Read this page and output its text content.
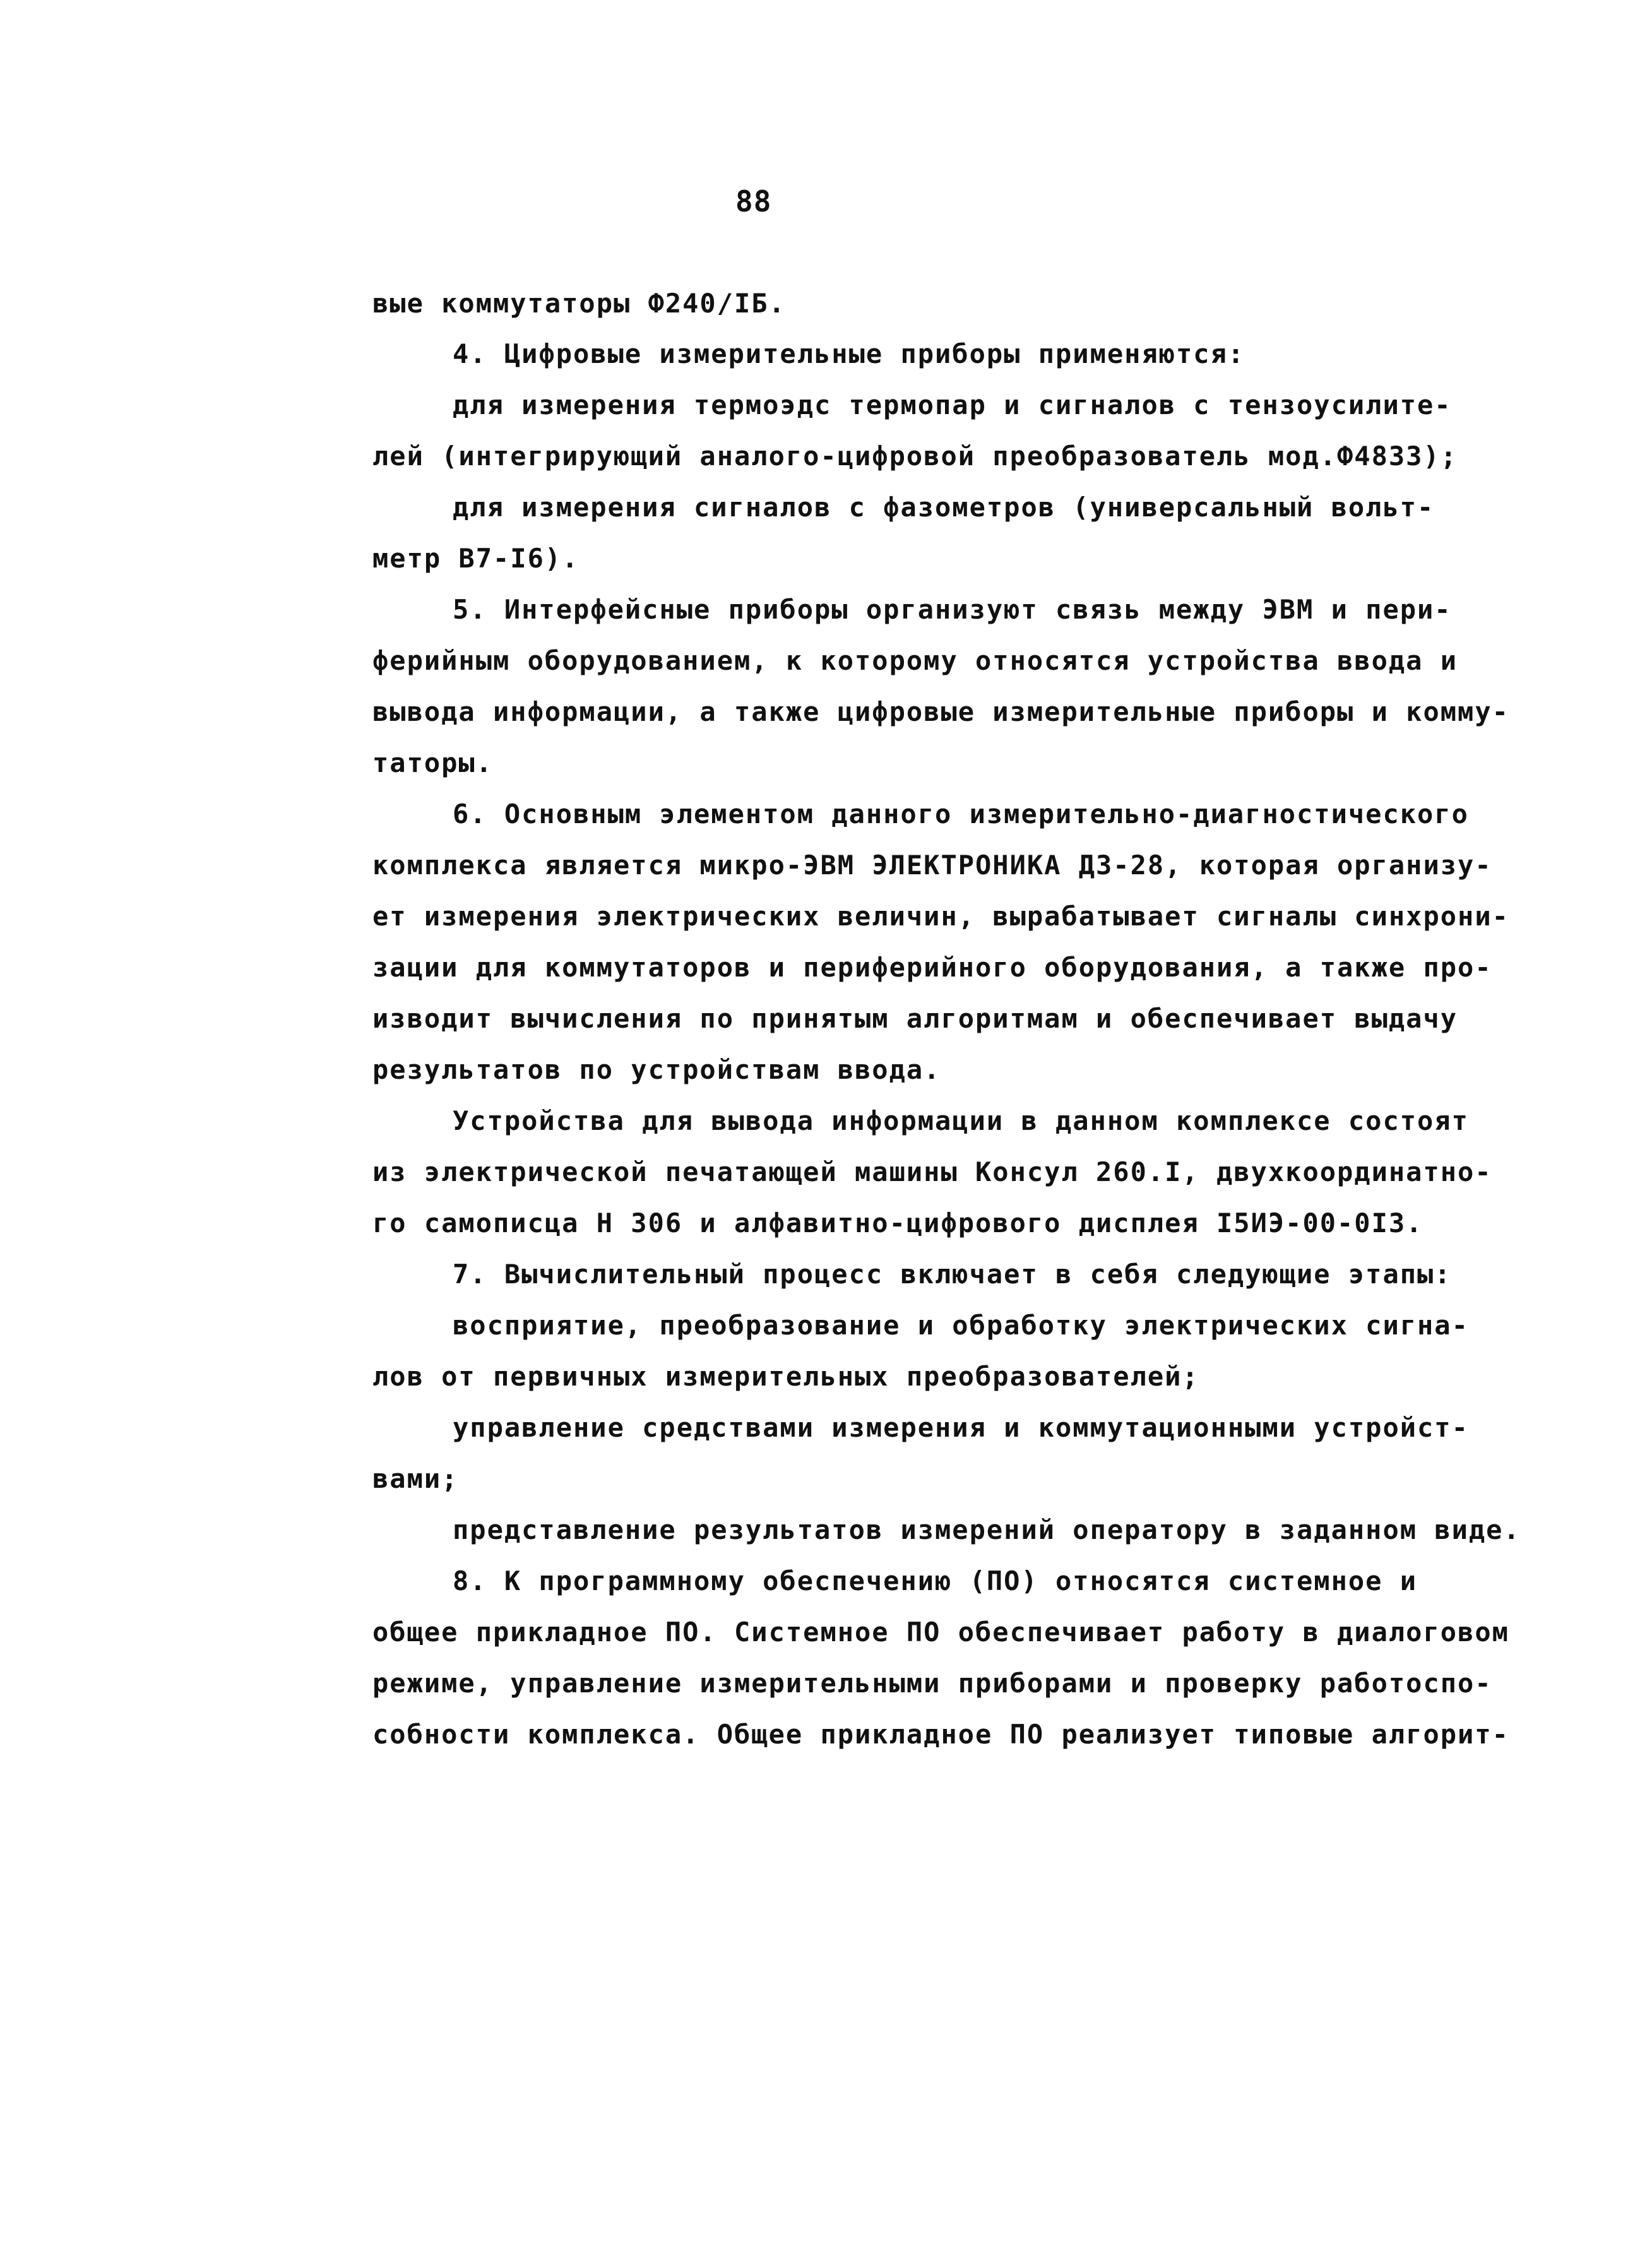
88
вые коммутаторы Ф240/IБ.
4. Цифровые измерительные приборы применяются:
для измерения термоэдс термопар и сигналов с тензоусилите-
лей (интегрирующий аналого-цифровой преобразователь мод.Ф4833);
для измерения сигналов с фазометров (универсальный вольт-
метр В7-I6).
5. Интерфейсные приборы организуют связь между ЭВМ и пери-
ферийным оборудованием, к которому относятся устройства ввода и
вывода информации, а также цифровые измерительные приборы и комму-
таторы.
6. Основным элементом данного измерительно-диагностического
комплекса является микро-ЭВМ ЭЛЕКТРОНИКА ДЗ-28, которая организу-
ет измерения электрических величин, вырабатывает сигналы синхрони-
зации для коммутаторов и периферийного оборудования, а также про-
изводит вычисления по принятым алгоритмам и обеспечивает выдачу
результатов по устройствам ввода.
Устройства для вывода информации в данном комплексе состоят
из электрической печатающей машины Консул 260.I, двухкоординатно-
го самописца Н 306 и алфавитно-цифрового дисплея I5ИЭ-00-0I3.
7. Вычислительный процесс включает в себя следующие этапы:
восприятие, преобразование и обработку электрических сигна-
лов от первичных измерительных преобразователей;
управление средствами измерения и коммутационными устройст-
вами;
представление результатов измерений оператору в заданном виде.
8. К программному обеспечению (ПО) относятся системное и
общее прикладное ПО. Системное ПО обеспечивает работу в диалоговом
режиме, управление измерительными приборами и проверку работоспо-
собности комплекса. Общее прикладное ПО реализует типовые алгорит-
